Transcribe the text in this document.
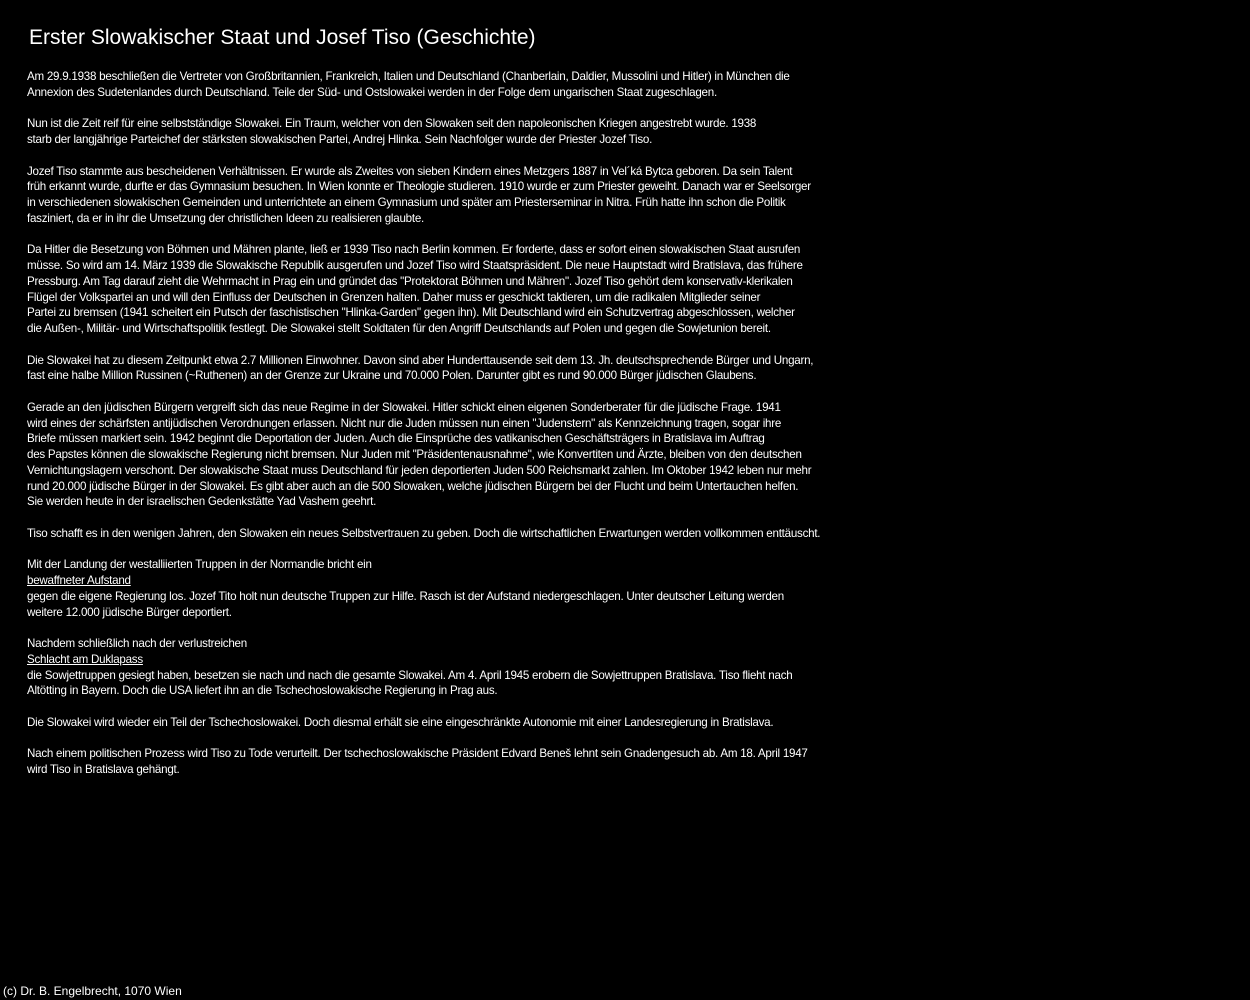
Erster Slowakischer Staat und Josef Tiso (Geschichte)

Am 29.9.1938 beschließen die Vertreter von Großbritannien, Frankreich, Italien und Deutschland (Chanberlain, Daldier, Mussolini und Hitler) in München die
Annexion des Sudetenlandes durch Deutschland. Teile der Süd- und Ostslowakei werden in der Folge dem ungarischen Staat zugeschlagen.

Nun ist die Zeit reif für eine selbstständige Slowakei. Ein Traum, welcher von den Slowaken seit den napoleonischen Kriegen angestrebt wurde. 1938
starb der langjährige Parteichef der stärksten slowakischen Partei, Andrej Hlinka. Sein Nachfolger wurde der Priester Jozef Tiso.

Jozef Tiso stammte aus bescheidenen Verhältnissen. Er wurde als Zweites von sieben Kindern eines Metzgers 1887 in Vel´ká Bytca geboren. Da sein Talent
früh erkannt wurde, durfte er das Gymnasium besuchen. In Wien konnte er Theologie studieren. 1910 wurde er zum Priester geweiht. Danach war er Seelsorger
in verschiedenen slowakischen Gemeinden und unterrichtete an einem Gymnasium und später am Priesterseminar in Nitra. Früh hatte ihn schon die Politik
fasziniert, da er in ihr die Umsetzung der christlichen Ideen zu realisieren glaubte.

Da Hitler die Besetzung von Böhmen und Mähren plante, ließ er 1939 Tiso nach Berlin kommen. Er forderte, dass er sofort einen slowakischen Staat ausrufen
müsse. So wird am 14. März 1939 die Slowakische Republik ausgerufen und Jozef Tiso wird Staatspräsident. Die neue Hauptstadt wird Bratislava, das frühere
Pressburg. Am Tag darauf zieht die Wehrmacht in Prag ein und gründet das "Protektorat Böhmen und Mähren". Jozef Tiso gehört dem konservativ-klerikalen
Flügel der Volkspartei an und will den Einfluss der Deutschen in Grenzen halten. Daher muss er geschickt taktieren, um die radikalen Mitglieder seiner
Partei zu bremsen (1941 scheitert ein Putsch der faschistischen "Hlinka-Garden" gegen ihn). Mit Deutschland wird ein Schutzvertrag abgeschlossen, welcher
die Außen-, Militär- und Wirtschaftspolitik festlegt. Die Slowakei stellt Soldtaten für den Angriff Deutschlands auf Polen und gegen die Sowjetunion bereit.

Die Slowakei hat zu diesem Zeitpunkt etwa 2.7 Millionen Einwohner. Davon sind aber Hunderttausende seit dem 13. Jh. deutschsprechende Bürger und Ungarn,
fast eine halbe Million Russinen (~Ruthenen) an der Grenze zur Ukraine und 70.000 Polen. Darunter gibt es rund 90.000 Bürger jüdischen Glaubens.

Gerade an den jüdischen Bürgern vergreift sich das neue Regime in der Slowakei. Hitler schickt einen eigenen Sonderberater für die jüdische Frage. 1941
wird eines der schärfsten antijüdischen Verordnungen erlassen. Nicht nur die Juden müssen nun einen "Judenstern" als Kennzeichnung tragen, sogar ihre
Briefe müssen markiert sein. 1942 beginnt die Deportation der Juden. Auch die Einsprüche des vatikanischen Geschäftsträgers in Bratislava im Auftrag
des Papstes können die slowakische Regierung nicht bremsen. Nur Juden mit "Präsidentenausnahme", wie Konvertiten und Ärzte, bleiben von den deutschen
Vernichtungslagern verschont. Der slowakische Staat muss Deutschland für jeden deportierten Juden 500 Reichsmarkt zahlen. Im Oktober 1942 leben nur mehr
rund 20.000 jüdische Bürger in der Slowakei. Es gibt aber auch an die 500 Slowaken, welche jüdischen Bürgern bei der Flucht und beim Untertauchen helfen.
Sie werden heute in der israelischen Gedenkstätte Yad Vashem geehrt.

Tiso schafft es in den wenigen Jahren, den Slowaken ein neues Selbstvertrauen zu geben. Doch die wirtschaftlichen Erwartungen werden vollkommen enttäuscht.

Mit der Landung der westalliierten Truppen in der Normandie bricht ein
bewaffneter Aufstand
gegen die eigene Regierung los. Jozef Tito holt nun deutsche Truppen zur Hilfe. Rasch ist der Aufstand niedergeschlagen. Unter deutscher Leitung werden
weitere 12.000 jüdische Bürger deportiert.

Nachdem schließlich nach der verlustreichen
Schlacht am Duklapass
die Sowjettruppen gesiegt haben, besetzen sie nach und nach die gesamte Slowakei. Am 4. April 1945 erobern die Sowjettruppen Bratislava. Tiso flieht nach
Altötting in Bayern. Doch die USA liefert ihn an die Tschechoslowakische Regierung in Prag aus.

Die Slowakei wird wieder ein Teil der Tschechoslowakei. Doch diesmal erhält sie eine eingeschränkte Autonomie mit einer Landesregierung in Bratislava.

Nach einem politischen Prozess wird Tiso zu Tode verurteilt. Der tschechoslowakische Präsident Edvard Beneš lehnt sein Gnadengesuch ab. Am 18. April 1947
wird Tiso in Bratislava gehängt.

(c) Dr. B. Engelbrecht, 1070 Wien
